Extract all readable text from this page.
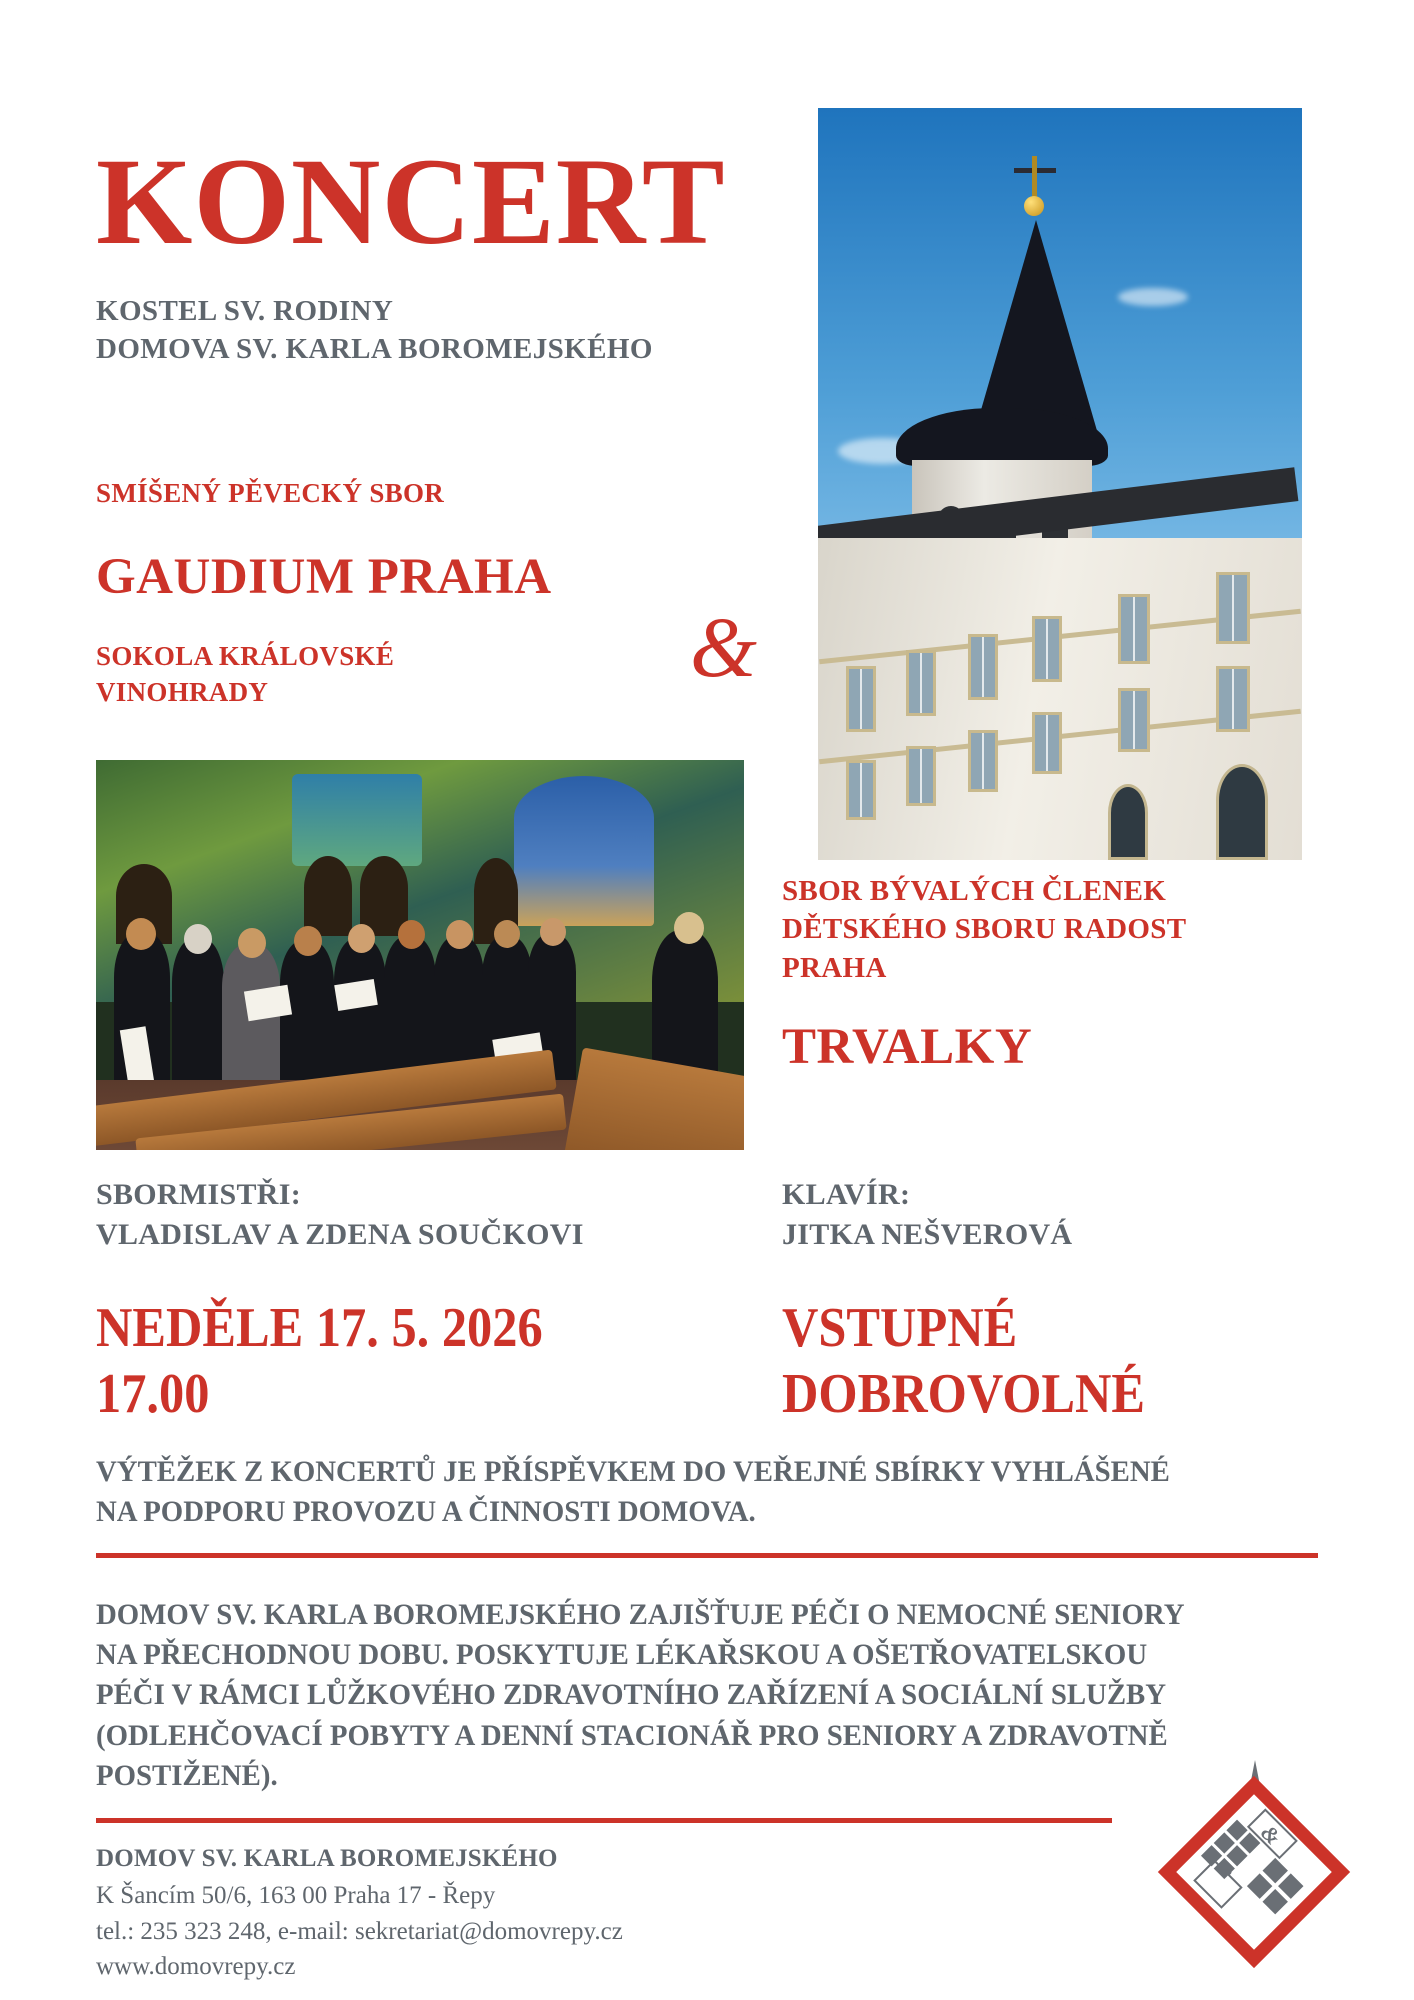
KONCERT
KOSTEL SV. RODINY
DOMOVA SV. KARLA BOROMEJSKÉHO
SMÍŠENÝ PĚVECKÝ SBOR
GAUDIUM PRAHA
SOKOLA KRÁLOVSKÉ
VINOHRADY	&
SBOR BÝVALÝCH ČLENEK
DĚTSKÉHO SBORU RADOST
PRAHA
TRVALKY
SBORMISTŘI:
VLADISLAV A ZDENA SOUČKOVI
KLAVÍR:
JITKA NEŠVEROVÁ
NEDĚLE 17. 5. 2026
17.00
VSTUPNÉ
DOBROVOLNÉ
VÝTĚŽEK Z KONCERTŮ JE PŘÍSPĚVKEM DO VEŘEJNÉ SBÍRKY VYHLÁŠENÉ
NA PODPORU PROVOZU A ČINNOSTI DOMOVA.
DOMOV SV. KARLA BOROMEJSKÉHO ZAJIŠŤUJE PÉČI O NEMOCNÉ SENIORY
NA PŘECHODNOU DOBU. POSKYTUJE LÉKAŘSKOU A OŠETŘOVATELSKOU
PÉČI V RÁMCI LŮŽKOVÉHO ZDRAVOTNÍHO ZAŘÍZENÍ A SOCIÁLNÍ SLUŽBY
(ODLEHČOVACÍ POBYTY A DENNÍ STACIONÁŘ PRO SENIORY A ZDRAVOTNĚ
POSTIŽENÉ).
DOMOV SV. KARLA BOROMEJSKÉHO
K Šancím 50/6, 163 00 Praha 17 - Řepy
tel.: 235 323 248, e-mail: sekretariat@domovrepy.cz
www.domovrepy.cz
&
